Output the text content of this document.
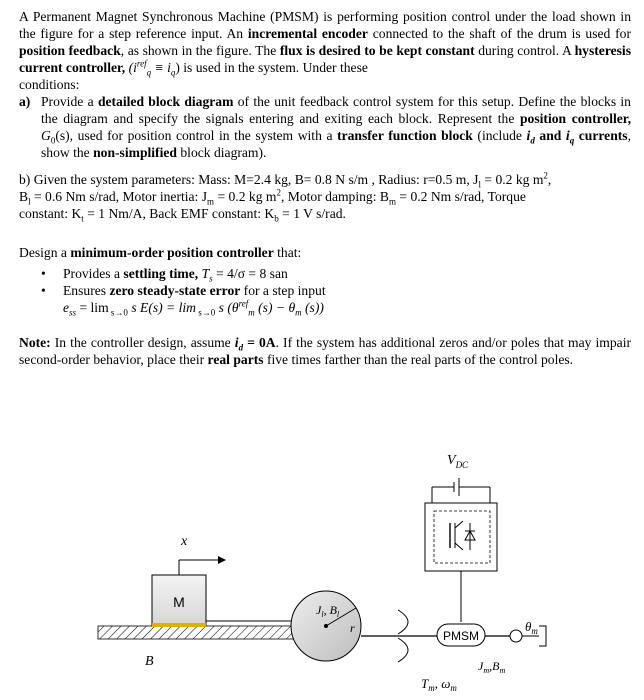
A Permanent Magnet Synchronous Machine (PMSM) is performing position control under the load shown in the figure for a step reference input. An incremental encoder connected to the shaft of the drum is used for position feedback, as shown in the figure. The flux is desired to be kept constant during control. A hysteresis current controller, $(i^{ref}_q \equiv i_q)$ is used in the system. Under these

conditions:

a) Provide a detailed block diagram of the unit feedback control system for this setup. Define the blocks in the diagram and specify the signals entering and exiting each block. Represent the position controller, $G_0(s)$, used for position control in the system with a transfer function block (include $i_d$ and $i_q$ currents, show the non-simplified block diagram).

b) Given the system parameters: Mass: M=2.4 kg, B= 0.8 N s/m , Radius: r=0.5 m, $J_l = 0.2$ kg $m^2$,
$B_l = 0.6$ Nm s/rad, Motor inertia: $J_m = 0.2$ kg $m^2$, Motor damping: $B_m = 0.2$ Nm s/rad, Torque
constant: $K_t = 1$ Nm/A, Back EMF constant: $K_b = 1$ V s/rad.

Design a minimum-order position controller that:

• Provides a settling time, $T_s = 4/\sigma = 8$ san
• Ensures zero steady-state error for a step input
$e_{ss} = \lim _{s\to 0}$ s E(s) = lim $_{s\to 0}$ s ($\theta^{ref}_m$ $(s) - \theta_m$ (s))

Note: In the controller design, assume $i_d = 0A$. If the system has additional zeros and/or poles that may impair second-order behavior, place their real parts five times farther than the real parts of the control poles.

M
x
B
$J_l$, $B_l$
r
$V_{DC}$
PMSM
$\theta_m$
$J_m,B_m$
$T_m$, $\omega_m$
